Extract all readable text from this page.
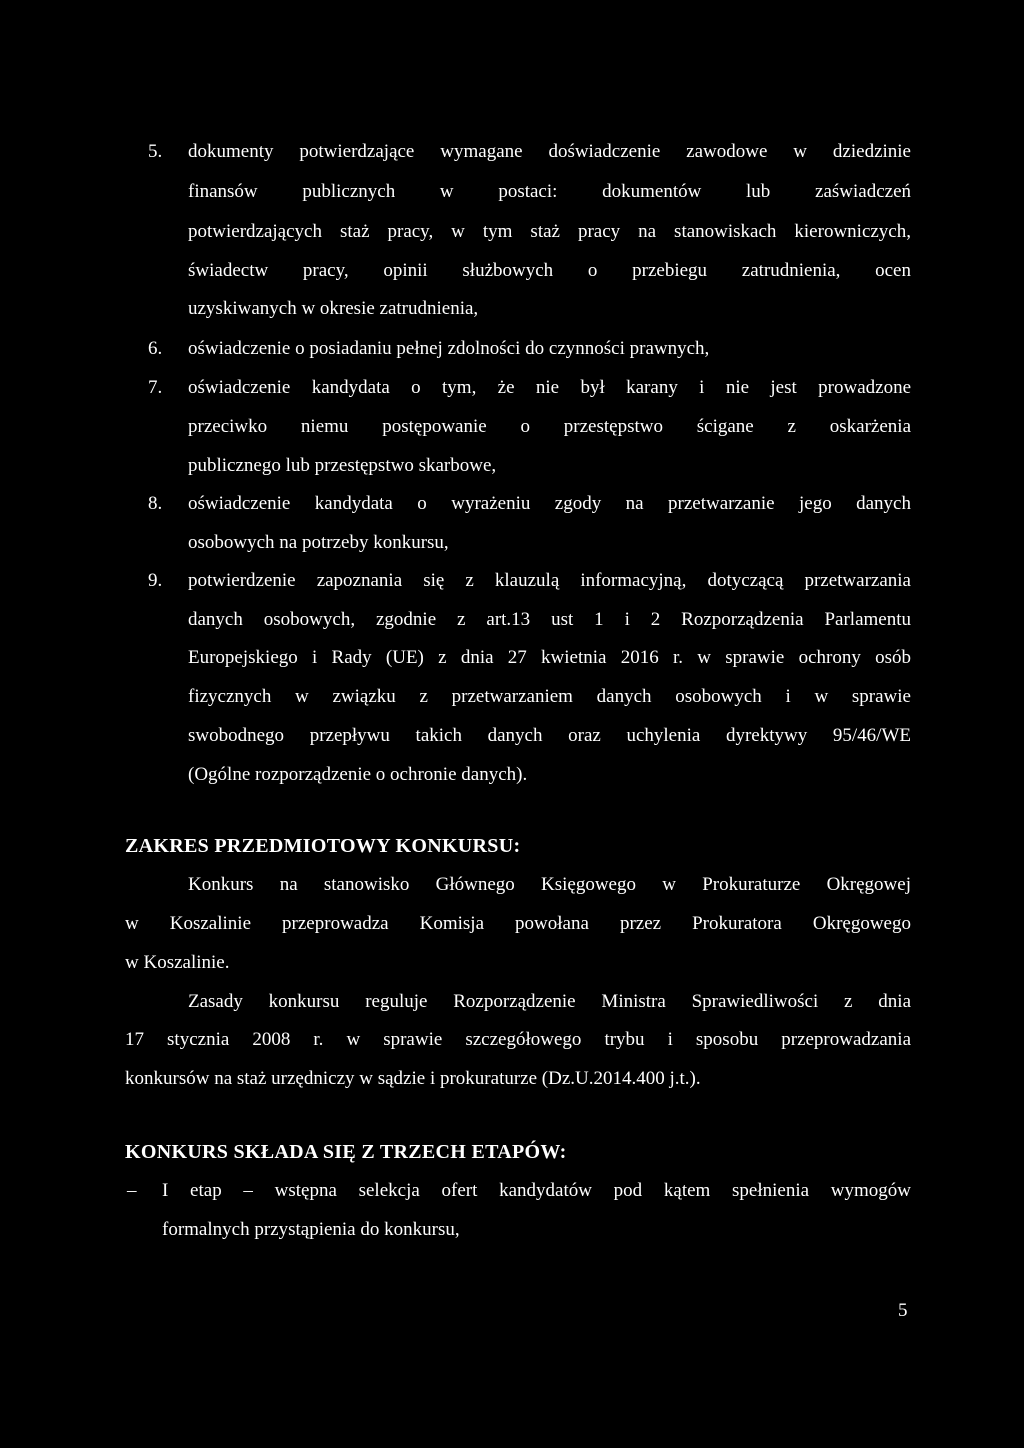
5. dokumenty potwierdzające wymagane doświadczenie zawodowe w dziedzinie
finansów publicznych w postaci: dokumentów lub zaświadczeń
potwierdzających staż pracy, w tym staż pracy na stanowiskach kierowniczych,
świadectw pracy, opinii służbowych o przebiegu zatrudnienia, ocen
uzyskiwanych w okresie zatrudnienia,
6. oświadczenie o posiadaniu pełnej zdolności do czynności prawnych,
7. oświadczenie kandydata o tym, że nie był karany i nie jest prowadzone
przeciwko niemu postępowanie o przestępstwo ścigane z oskarżenia
publicznego lub przestępstwo skarbowe,
8. oświadczenie kandydata o wyrażeniu zgody na przetwarzanie jego danych
osobowych na potrzeby konkursu,
9. potwierdzenie zapoznania się z klauzulą informacyjną, dotyczącą przetwarzania
danych osobowych, zgodnie z art.13 ust 1 i 2 Rozporządzenia Parlamentu
Europejskiego i Rady (UE) z dnia 27 kwietnia 2016 r. w sprawie ochrony osób
fizycznych w związku z przetwarzaniem danych osobowych i w sprawie
swobodnego przepływu takich danych oraz uchylenia dyrektywy 95/46/WE
(Ogólne rozporządzenie o ochronie danych).
ZAKRES PRZEDMIOTOWY KONKURSU:
Konkurs na stanowisko Głównego Księgowego w Prokuraturze Okręgowej
w Koszalinie przeprowadza Komisja powołana przez Prokuratora Okręgowego
w Koszalinie.
Zasady konkursu reguluje Rozporządzenie Ministra Sprawiedliwości z dnia
17 stycznia 2008 r. w sprawie szczegółowego trybu i sposobu przeprowadzania
konkursów na staż urzędniczy w sądzie i prokuraturze (Dz.U.2014.400 j.t.).
KONKURS SKŁADA SIĘ Z TRZECH ETAPÓW:
– I etap – wstępna selekcja ofert kandydatów pod kątem spełnienia wymogów
formalnych przystąpienia do konkursu,
5
